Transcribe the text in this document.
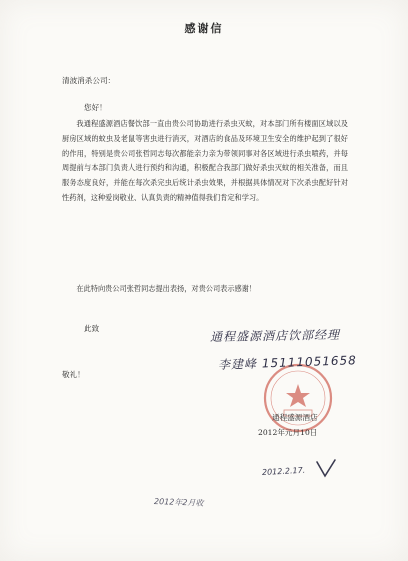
感谢信
清波消杀公司：
您好！

我通程盛源酒店餐饮部一直由贵公司协助进行杀虫灭蚊，对本部门所有楼面区域以及厨房区域的蚊虫及老鼠等害虫进行消灭，对酒店的食品及环境卫生安全的维护起到了很好的作用，特别是贵公司张哲同志每次都能亲力亲为带领同事对各区域进行杀虫喷药，并每周提前与本部门负责人进行预约和沟通，积极配合我部门做好杀虫灭蚊的相关准备，而且服务态度良好，并能在每次杀完虫后统计杀虫效果，并根据具体情况对下次杀虫配好针对性药剂，这种爱岗敬业、认真负责的精神值得我们肯定和学习。

在此特向贵公司张哲同志提出表扬，对贵公司表示感谢！

此致
敬礼！
通程盛源酒店饮部经理
李建峰 15111051658
通程盛源酒店
2012年元月10日
2012.2.17.
2012年2月收
